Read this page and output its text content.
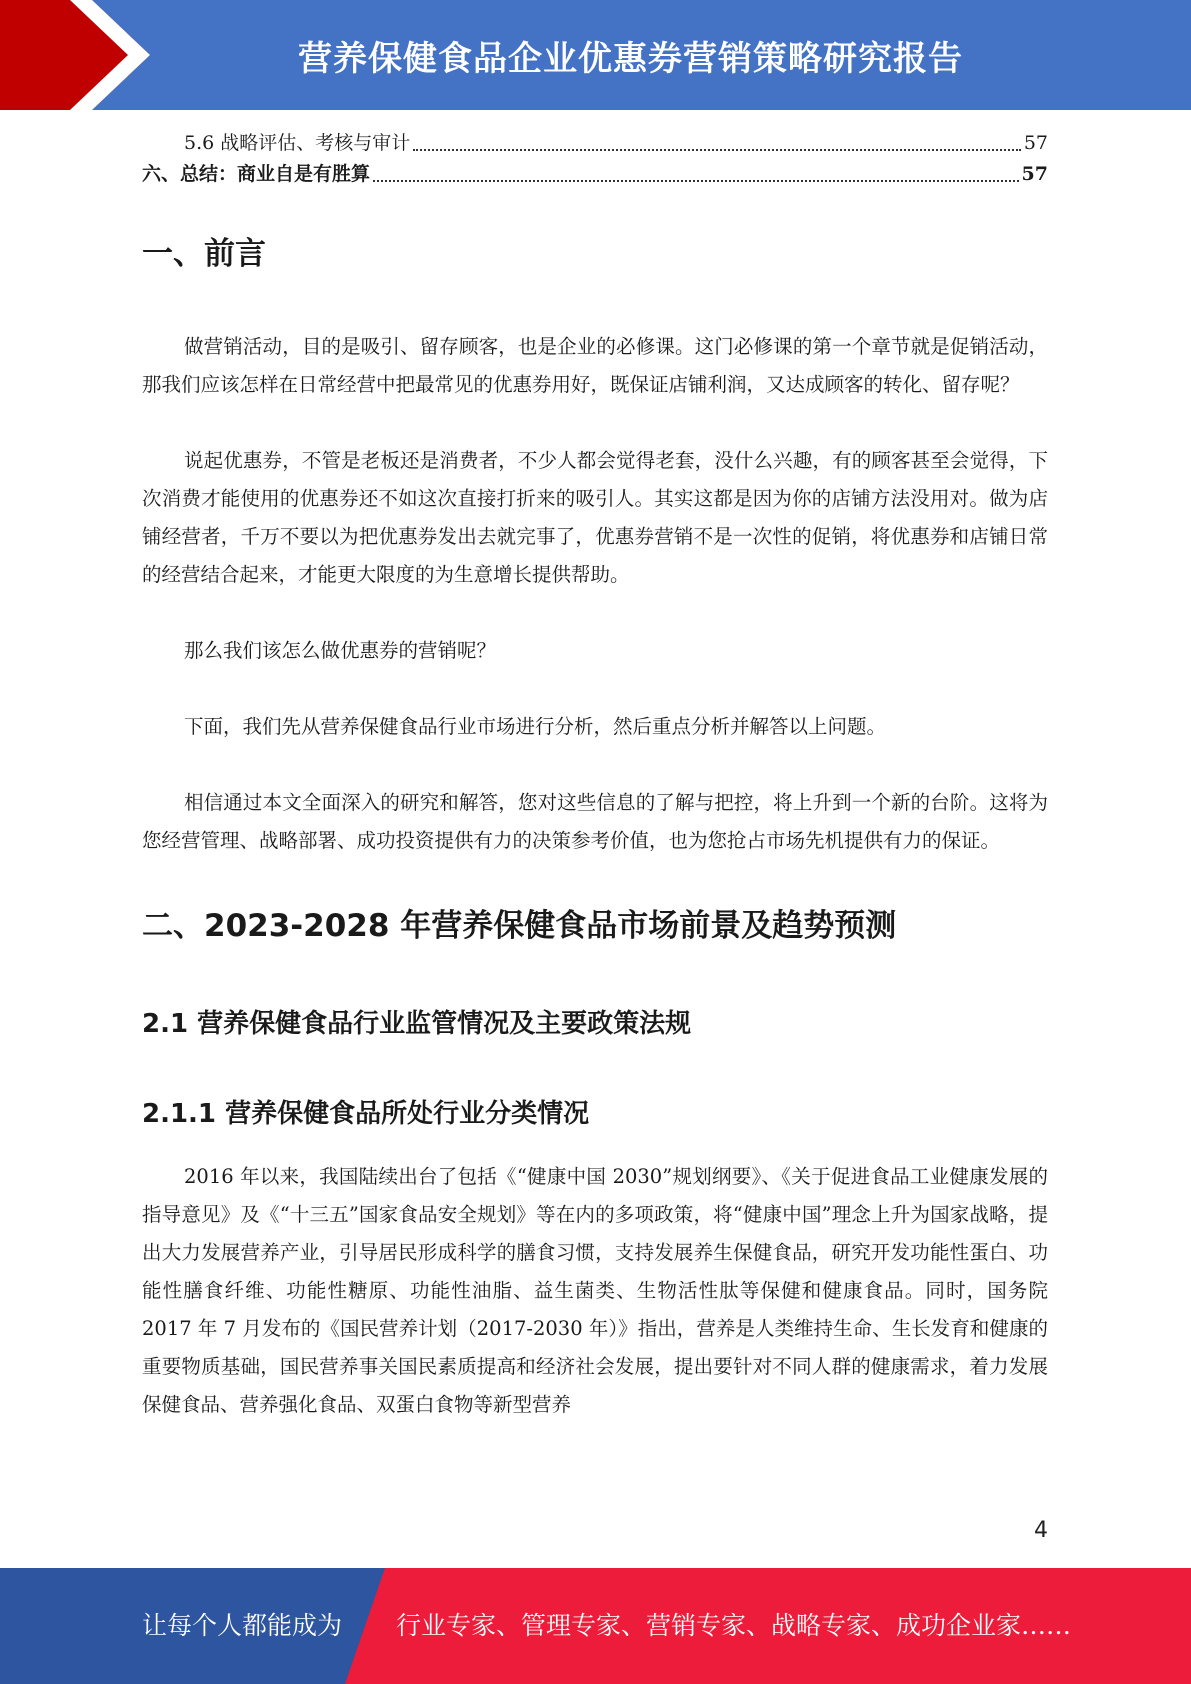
营养保健食品企业优惠券营销策略研究报告
5.6 战略评估、考核与审计	57
六、总结：商业自是有胜算	57
一、前言

做营销活动，目的是吸引、留存顾客，也是企业的必修课。这门必修课的第一个章节就是促销活动，那我们应该怎样在日常经营中把最常见的优惠券用好，既保证店铺利润，又达成顾客的转化、留存呢？

说起优惠券，不管是老板还是消费者，不少人都会觉得老套，没什么兴趣，有的顾客甚至会觉得，下次消费才能使用的优惠券还不如这次直接打折来的吸引人。其实这都是因为你的店铺方法没用对。做为店铺经营者，千万不要以为把优惠券发出去就完事了，优惠券营销不是一次性的促销，将优惠券和店铺日常的经营结合起来，才能更大限度的为生意增长提供帮助。

那么我们该怎么做优惠券的营销呢？

下面，我们先从营养保健食品行业市场进行分析，然后重点分析并解答以上问题。

相信通过本文全面深入的研究和解答，您对这些信息的了解与把控，将上升到一个新的台阶。这将为您经营管理、战略部署、成功投资提供有力的决策参考价值，也为您抢占市场先机提供有力的保证。

二、2023-2028 年营养保健食品市场前景及趋势预测
2.1 营养保健食品行业监管情况及主要政策法规
2.1.1 营养保健食品所处行业分类情况

2016 年以来，我国陆续出台了包括《“健康中国 2030”规划纲要》、《关于促进食品工业健康发展的指导意见》及《“十三五”国家食品安全规划》等在内的多项政策，将“健康中国”理念上升为国家战略，提出大力发展营养产业，引导居民形成科学的膳食习惯，支持发展养生保健食品，研究开发功能性蛋白、功能性膳食纤维、功能性糖原、功能性油脂、益生菌类、生物活性肽等保健和健康食品。同时，国务院 2017 年 7 月发布的《国民营养计划（2017-2030 年）》指出，营养是人类维持生命、生长发育和健康的重要物质基础，国民营养事关国民素质提高和经济社会发展，提出要针对不同人群的健康需求，着力发展保健食品、营养强化食品、双蛋白食物等新型营养

4
让每个人都能成为 行业专家、管理专家、营销专家、战略专家、成功企业家……
